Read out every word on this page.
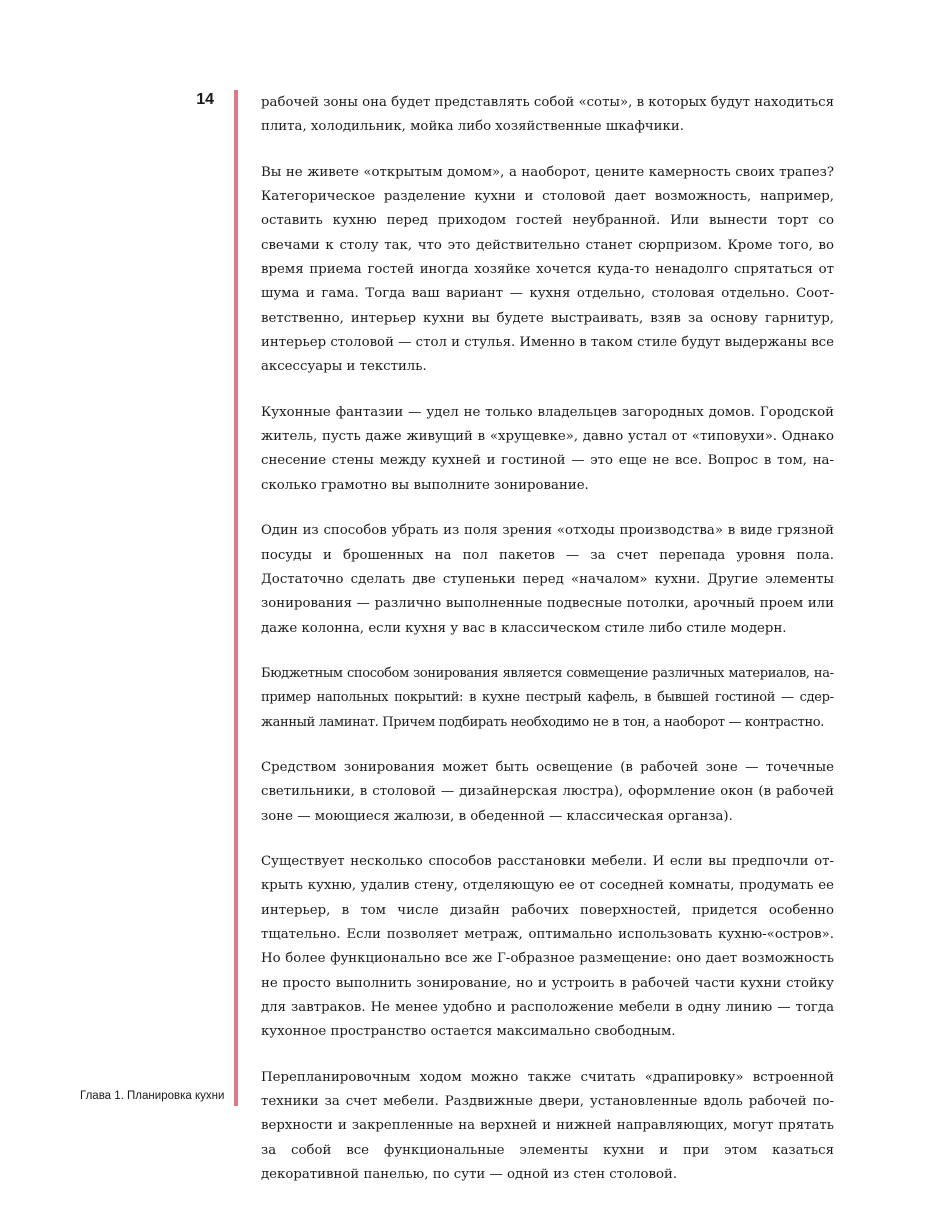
14
Глава 1. Планировка кухни

рабочей зоны она будет представлять собой «соты», в которых будут находиться плита, холодильник, мойка либо хозяйственные шкафчики.

Вы не живете «открытым домом», а наоборот, цените камерность своих трапез? Категорическое разделение кухни и столовой дает возможность, например, оставить кухню перед приходом гостей неубранной. Или вынести торт со свечами к столу так, что это действительно станет сюрпризом. Кроме того, во время приема гостей иногда хозяйке хочется куда-то ненадолго спрятаться от шума и гама. Тогда ваш вариант — кухня отдельно, столовая отдельно. Соответственно, интерьер кухни вы будете выстраивать, взяв за основу гарнитур, интерьер столовой — стол и стулья. Именно в таком стиле будут выдержаны все аксессуары и текстиль.

Кухонные фантазии — удел не только владельцев загородных домов. Городской житель, пусть даже живущий в «хрущевке», давно устал от «типовухи». Однако снесение стены между кухней и гостиной — это еще не все. Вопрос в том, насколько грамотно вы выполните зонирование.

Один из способов убрать из поля зрения «отходы производства» в виде грязной посуды и брошенных на пол пакетов — за счет перепада уровня пола. Достаточно сделать две ступеньки перед «началом» кухни. Другие элементы зонирования — различно выполненные подвесные потолки, арочный проем или даже колонна, если кухня у вас в классическом стиле либо стиле модерн.

Бюджетным способом зонирования является совмещение различных материалов, например напольных покрытий: в кухне пестрый кафель, в бывшей гостиной — сдержанный ламинат. Причем подбирать необходимо не в тон, а наоборот — контрастно.

Средством зонирования может быть освещение (в рабочей зоне — точечные светильники, в столовой — дизайнерская люстра), оформление окон (в рабочей зоне — моющиеся жалюзи, в обеденной — классическая органза).

Существует несколько способов расстановки мебели. И если вы предпочли открыть кухню, удалив стену, отделяющую ее от соседней комнаты, продумать ее интерьер, в том числе дизайн рабочих поверхностей, придется особенно тщательно. Если позволяет метраж, оптимально использовать кухню-«остров». Но более функционально все же Г-образное размещение: оно дает возможность не просто выполнить зонирование, но и устроить в рабочей части кухни стойку для завтраков. Не менее удобно и расположение мебели в одну линию — тогда кухонное пространство остается максимально свободным.

Перепланировочным ходом можно также считать «драпировку» встроенной техники за счет мебели. Раздвижные двери, установленные вдоль рабочей поверхности и закрепленные на верхней и нижней направляющих, могут прятать за собой все функциональные элементы кухни и при этом казаться декоративной панелью, по сути — одной из стен столовой.
